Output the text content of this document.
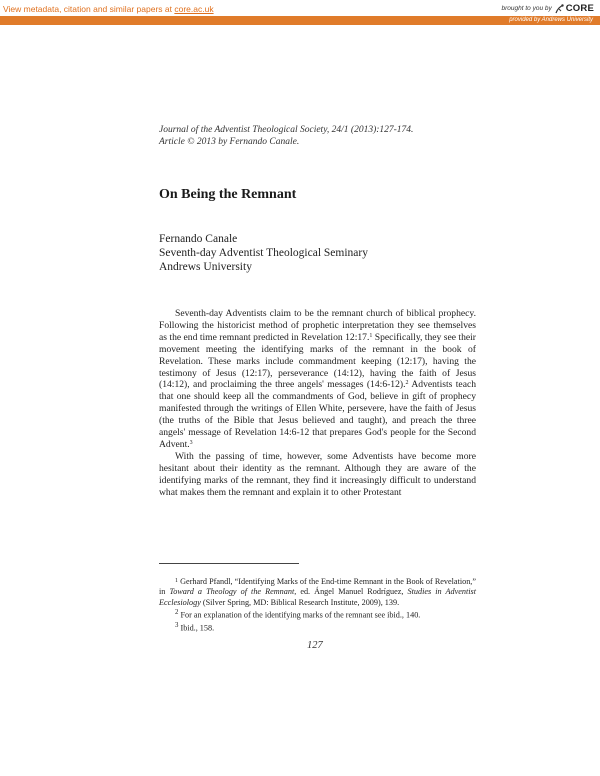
View metadata, citation and similar papers at core.ac.uk	brought to you by CORE
provided by Andrews University
Journal of the Adventist Theological Society, 24/1 (2013):127-174.
Article © 2013 by Fernando Canale.
On Being the Remnant
Fernando Canale
Seventh-day Adventist Theological Seminary
Andrews University

Seventh-day Adventists claim to be the remnant church of biblical prophecy. Following the historicist method of prophetic interpretation they see themselves as the end time remnant predicted in Revelation 12:17.$^1$ Specifically, they see their movement meeting the identifying marks of the remnant in the book of Revelation. These marks include commandment keeping (12:17), having the testimony of Jesus (12:17), perseverance (14:12), having the faith of Jesus (14:12), and proclaiming the three angels' messages (14:6-12).$^2$ Adventists teach that one should keep all the commandments of God, believe in gift of prophecy manifested through the writings of Ellen White, persevere, have the faith of Jesus (the truths of the Bible that Jesus believed and taught), and preach the three angels' message of Revelation 14:6-12 that prepares God's people for the Second Advent.$^3$

With the passing of time, however, some Adventists have become more hesitant about their identity as the remnant. Although they are aware of the identifying marks of the remnant, they find it increasingly difficult to understand what makes them the remnant and explain it to other Protestant

$^1$ Gerhard Pfandl, “Identifying Marks of the End-time Remnant in the Book of Revelation,” in Toward a Theology of the Remnant, ed. Ángel Manuel Rodríguez, Studies in Adventist Ecclesiology (Silver Spring, MD: Biblical Research Institute, 2009), 139.

$^2$ For an explanation of the identifying marks of the remnant see ibid., 140.

$^3$ Ibid., 158.

127
